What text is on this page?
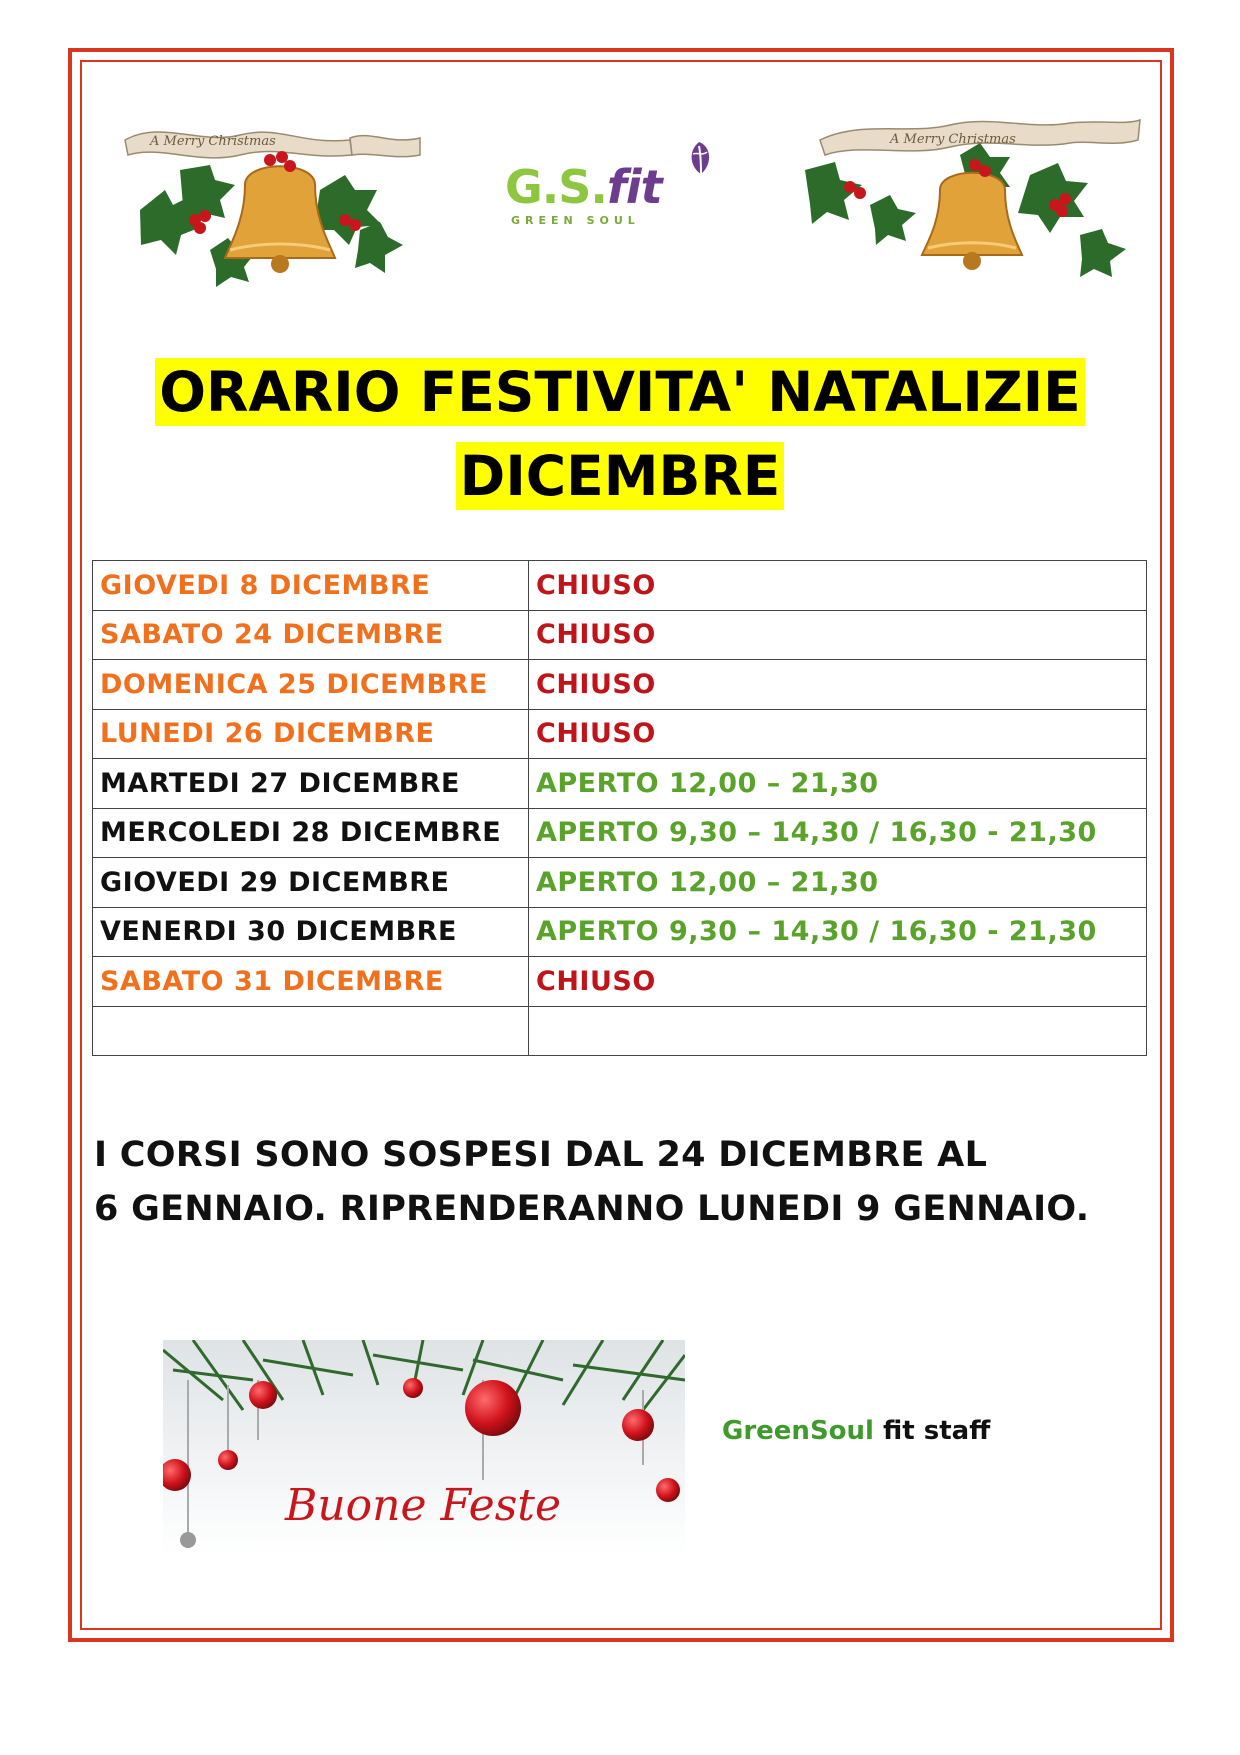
A Merry Christmas
G.S.fit
GREEN SOUL
A Merry Christmas
ORARIO FESTIVITA' NATALIZIE
DICEMBRE
GIOVEDI 8 DICEMBRE	CHIUSO
SABATO 24 DICEMBRE	CHIUSO
DOMENICA 25 DICEMBRE	CHIUSO
LUNEDI 26 DICEMBRE	CHIUSO
MARTEDI 27 DICEMBRE	APERTO 12,00 – 21,30
MERCOLEDI 28 DICEMBRE	APERTO 9,30 – 14,30 / 16,30 - 21,30
GIOVEDI 29 DICEMBRE	APERTO 12,00 – 21,30
VENERDI 30 DICEMBRE	APERTO 9,30 – 14,30 / 16,30 - 21,30
SABATO 31 DICEMBRE	CHIUSO

I CORSI SONO SOSPESI DAL 24 DICEMBRE AL
6 GENNAIO. RIPRENDERANNO LUNEDI 9 GENNAIO.
Buone Feste
GreenSoul fit staff
